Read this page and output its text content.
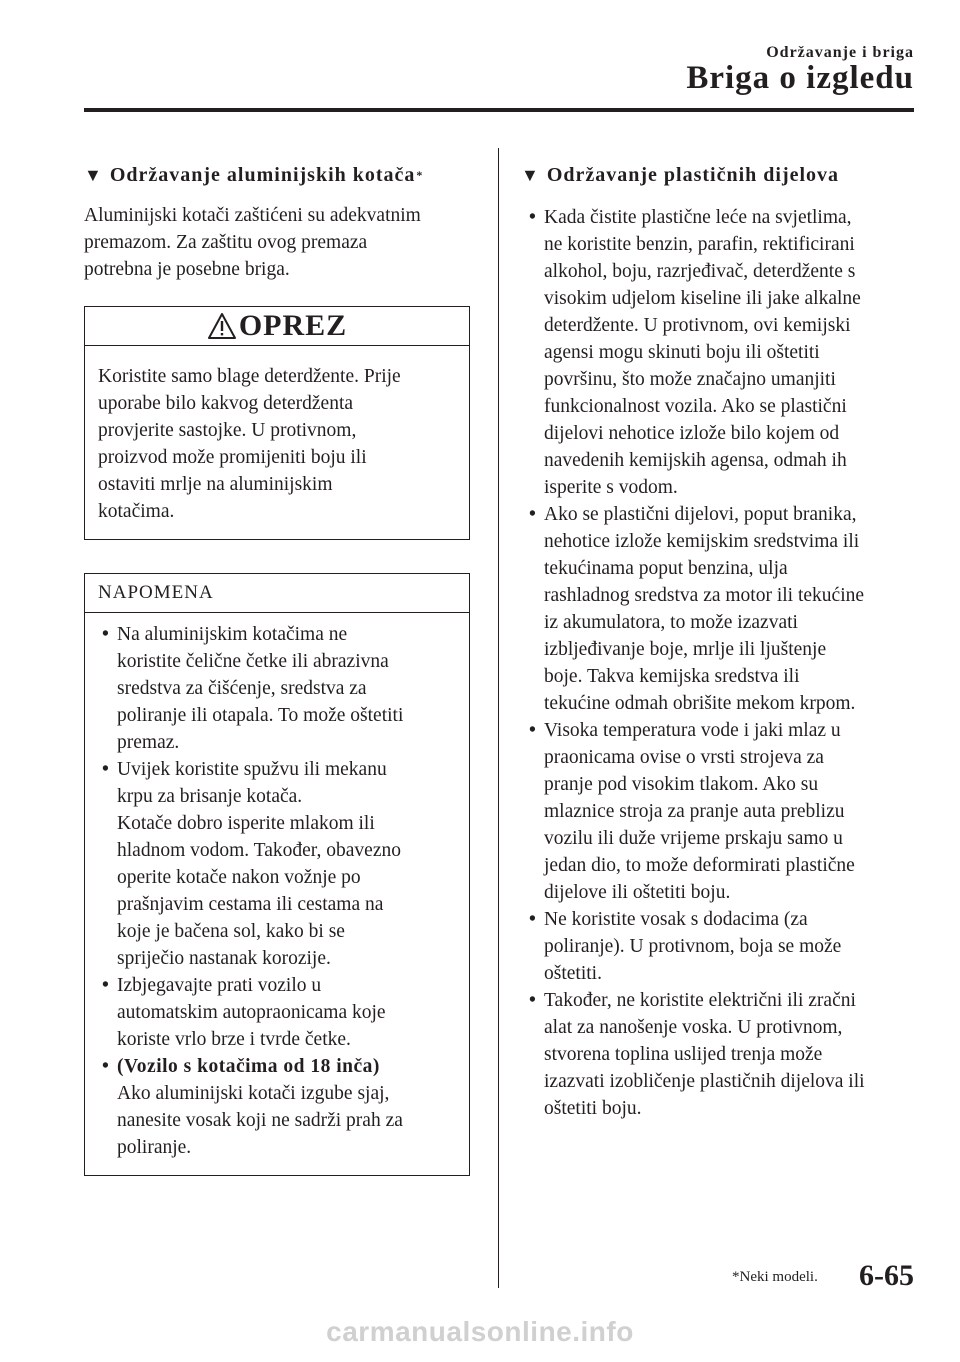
Održavanje i briga
Briga o izgledu
▼ Održavanje aluminijskih kotača *
Aluminijski kotači zaštićeni su adekvatnim
premazom. Za zaštitu ovog premaza
potrebna je posebne briga.
OPREZ
Koristite samo blage deterdžente. Prije
uporabe bilo kakvog deterdženta
provjerite sastojke. U protivnom,
proizvod može promijeniti boju ili
ostaviti mrlje na aluminijskim
kotačima.
NAPOMENA
• Na aluminijskim kotačima ne
koristite čelične četke ili abrazivna
sredstva za čišćenje, sredstva za
poliranje ili otapala. To može oštetiti
premaz.
• Uvijek koristite spužvu ili mekanu
krpu za brisanje kotača.
Kotače dobro isperite mlakom ili
hladnom vodom. Također, obavezno
operite kotače nakon vožnje po
prašnjavim cestama ili cestama na
koje je bačena sol, kako bi se
spriječio nastanak korozije.
• Izbjegavajte prati vozilo u
automatskim autopraonicama koje
koriste vrlo brze i tvrde četke.
• (Vozilo s kotačima od 18 inča)
Ako aluminijski kotači izgube sjaj,
nanesite vosak koji ne sadrži prah za
poliranje.
▼ Održavanje plastičnih dijelova
• Kada čistite plastične leće na svjetlima,
ne koristite benzin, parafin, rektificirani
alkohol, boju, razrjeđivač, deterdžente s
visokim udjelom kiseline ili jake alkalne
deterdžente. U protivnom, ovi kemijski
agensi mogu skinuti boju ili oštetiti
površinu, što može značajno umanjiti
funkcionalnost vozila. Ako se plastični
dijelovi nehotice izlože bilo kojem od
navedenih kemijskih agensa, odmah ih
isperite s vodom.
• Ako se plastični dijelovi, poput branika,
nehotice izlože kemijskim sredstvima ili
tekućinama poput benzina, ulja
rashladnog sredstva za motor ili tekućine
iz akumulatora, to može izazvati
izbljeđivanje boje, mrlje ili ljuštenje
boje. Takva kemijska sredstva ili
tekućine odmah obrišite mekom krpom.
• Visoka temperatura vode i jaki mlaz u
praonicama ovise o vrsti strojeva za
pranje pod visokim tlakom. Ako su
mlaznice stroja za pranje auta preblizu
vozilu ili duže vrijeme prskaju samo u
jedan dio, to može deformirati plastične
dijelove ili oštetiti boju.
• Ne koristite vosak s dodacima (za
poliranje). U protivnom, boja se može
oštetiti.
• Također, ne koristite električni ili zračni
alat za nanošenje voska. U protivnom,
stvorena toplina uslijed trenja može
izazvati izobličenje plastičnih dijelova ili
oštetiti boju.
*Neki modeli. 6-65
carmanualsonline.info
